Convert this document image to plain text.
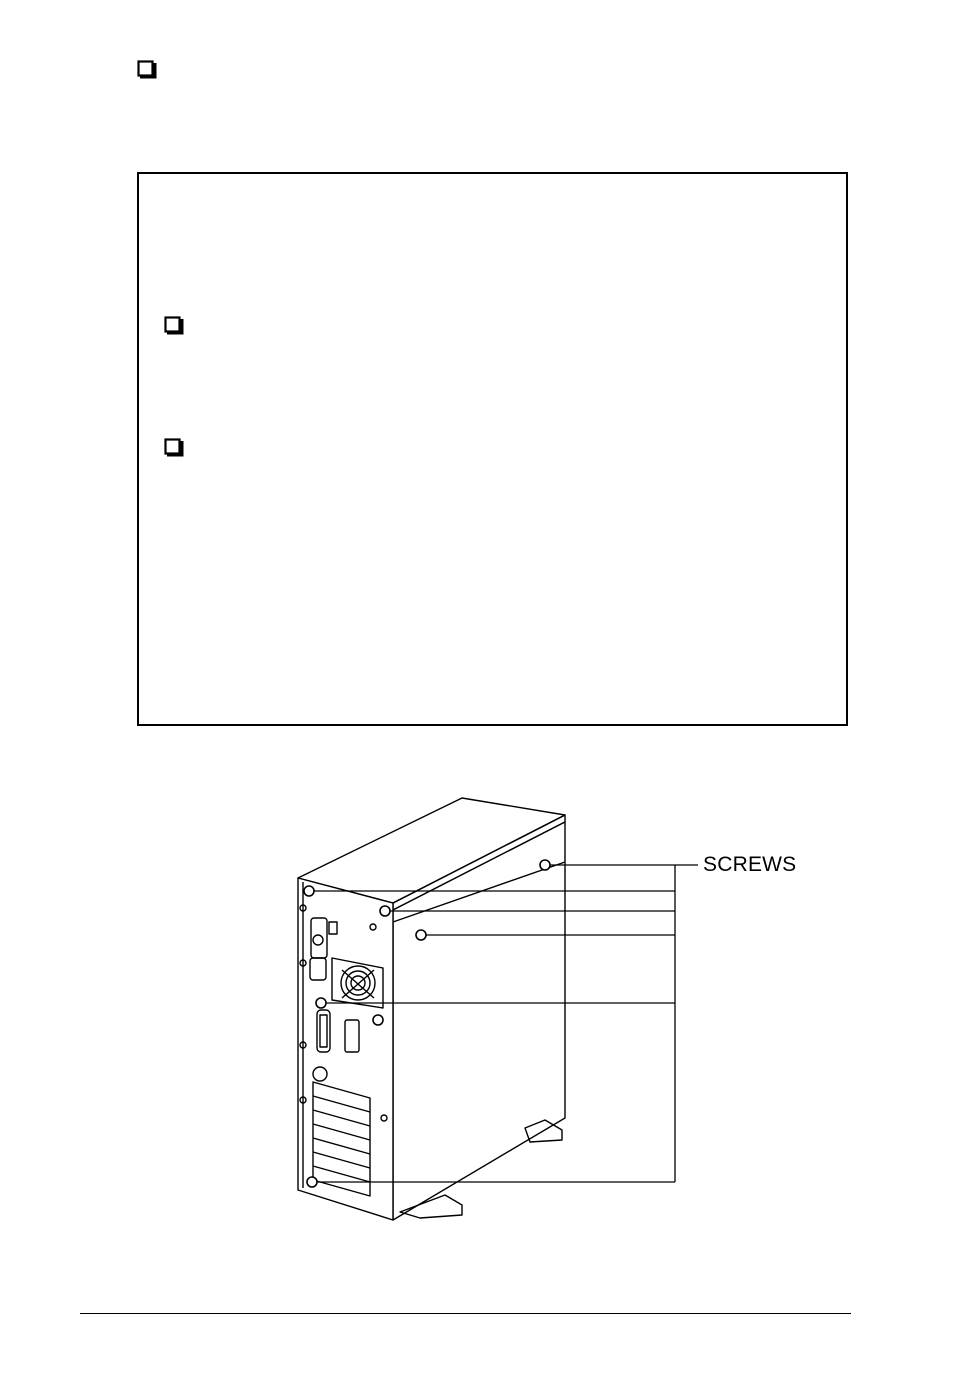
SCREWS
